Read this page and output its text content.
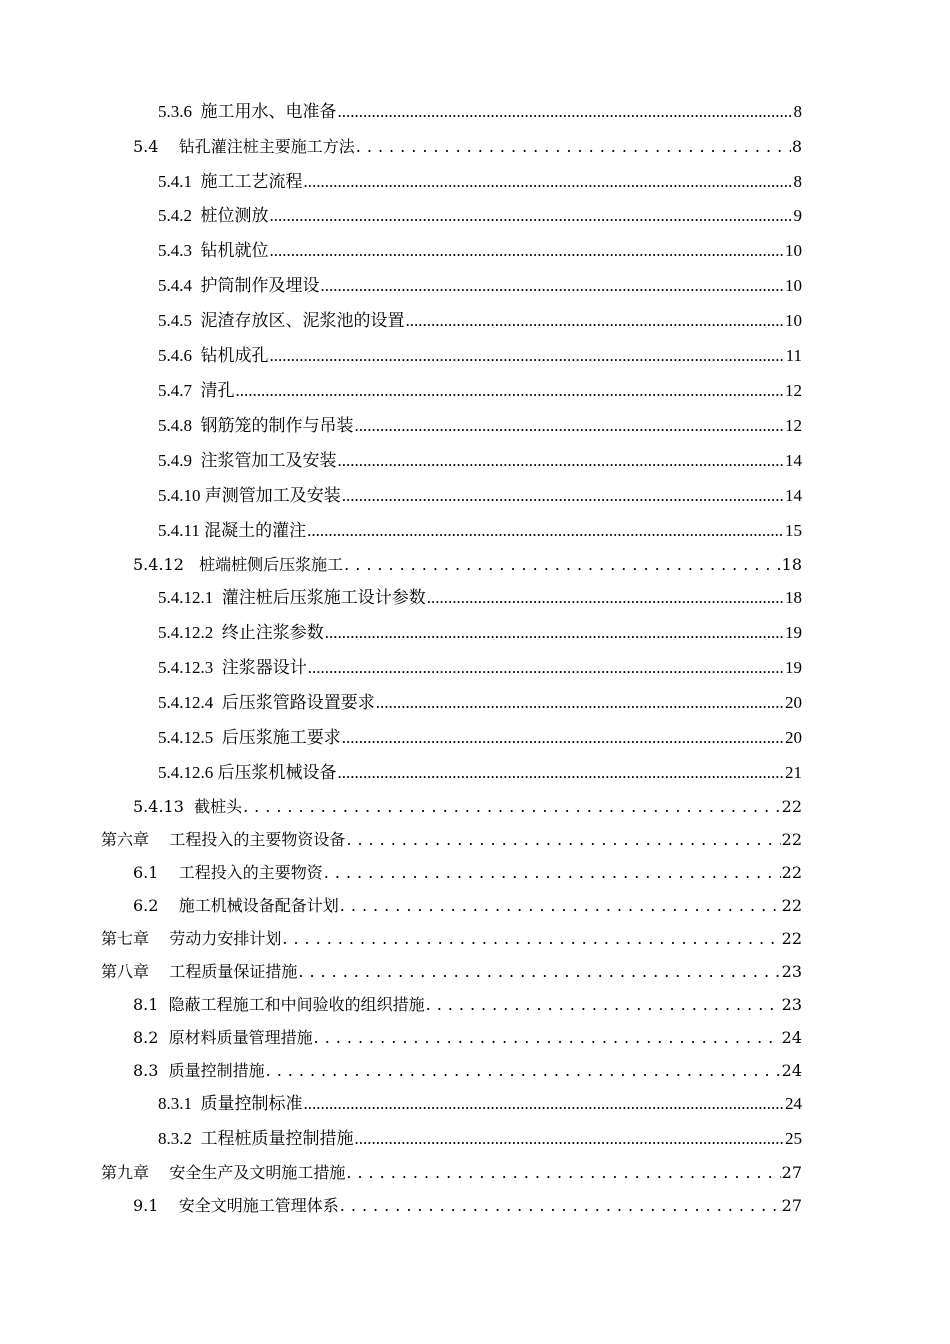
5.3.6  施工用水、电准备 .....	8
5.4    钻孔灌注桩主要施工方法 .....	8
5.4.1  施工工艺流程 .....	8
5.4.2  桩位测放 .....	9
5.4.3  钻机就位 .....	10
5.4.4  护筒制作及埋设 .....	10
5.4.5  泥渣存放区、泥浆池的设置 .....	10
5.4.6  钻机成孔 .....	11
5.4.7  清孔 .....	12
5.4.8  钢筋笼的制作与吊装 .....	12
5.4.9  注浆管加工及安装 .....	14
5.4.10 声测管加工及安装 .....	14
5.4.11 混凝土的灌注 .....	15
5.4.12   桩端桩侧后压浆施工 .....	18
5.4.12.1  灌注桩后压浆施工设计参数 .....	18
5.4.12.2  终止注浆参数 .....	19
5.4.12.3  注浆器设计 .....	19
5.4.12.4  后压浆管路设置要求 .....	20
5.4.12.5  后压浆施工要求 .....	20
5.4.12.6 后压浆机械设备 .....	21
5.4.13  截桩头 .....	22
第六章    工程投入的主要物资设备 .....	22
6.1    工程投入的主要物资 .....	22
6.2    施工机械设备配备计划 .....	22
第七章    劳动力安排计划 .....	22
第八章    工程质量保证措施 .....	23
8.1  隐蔽工程施工和中间验收的组织措施 .....	23
8.2  原材料质量管理措施 .....	24
8.3  质量控制措施 .....	24
8.3.1  质量控制标准 .....	24
8.3.2  工程桩质量控制措施 .....	25
第九章    安全生产及文明施工措施 .....	27
9.1    安全文明施工管理体系 .....	27
